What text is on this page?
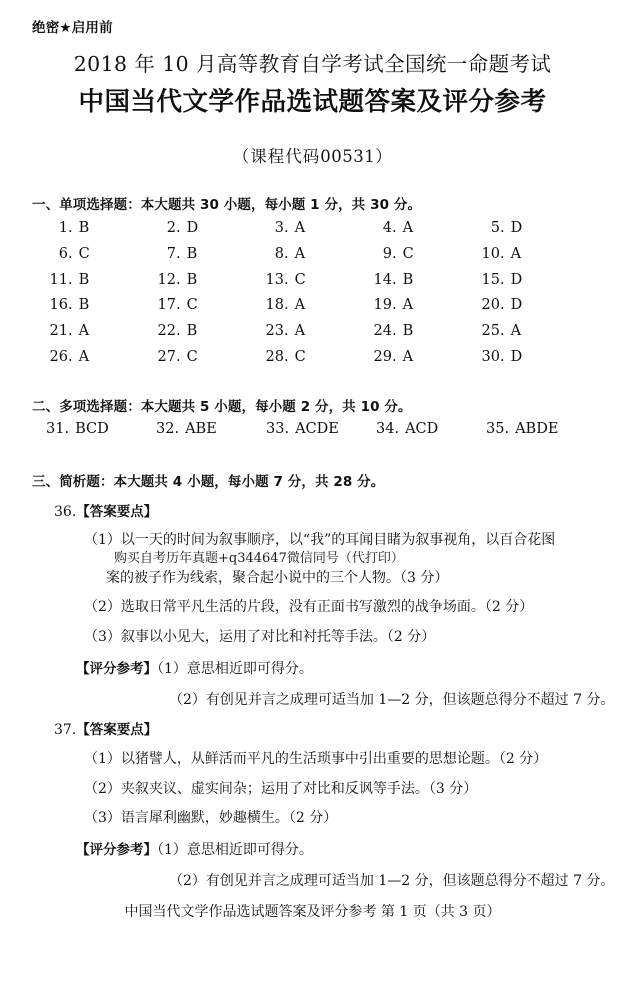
绝密★启用前
2018 年 10 月高等教育自学考试全国统一命题考试
中国当代文学作品选试题答案及评分参考
（课程代码00531）
一、单项选择题：本大题共 30 小题，每小题 1 分，共 30 分。
1. B	2. D	3. A	4. A	5. D
6. C	7. B	8. A	9. C	10. A
11. B	12. B	13. C	14. B	15. D
16. B	17. C	18. A	19. A	20. D
21. A	22. B	23. A	24. B	25. A
26. A	27. C	28. C	29. A	30. D
二、多项选择题：本大题共 5 小题，每小题 2 分，共 10 分。
31. BCD	32. ABE	33. ACDE	34. ACD	35. ABDE
三、简析题：本大题共 4 小题，每小题 7 分，共 28 分。
36.【答案要点】
（1）以一天的时间为叙事顺序，以“我”的耳闻目睹为叙事视角，以百合花图
购买自考历年真题+q344647微信同号（代打印）
案的被子作为线索，聚合起小说中的三个人物。（3 分）
（2）选取日常平凡生活的片段，没有正面书写激烈的战争场面。（2 分）
（3）叙事以小见大，运用了对比和衬托等手法。（2 分）
【评分参考】（1）意思相近即可得分。
（2）有创见并言之成理可适当加 1—2 分，但该题总得分不超过 7 分。
37.【答案要点】
（1）以猪譬人，从鲜活而平凡的生活琐事中引出重要的思想论题。（2 分）
（2）夹叙夹议、虚实间杂；运用了对比和反讽等手法。（3 分）
（3）语言犀利幽默，妙趣横生。（2 分）
【评分参考】（1）意思相近即可得分。
（2）有创见并言之成理可适当加 1—2 分，但该题总得分不超过 7 分。
中国当代文学作品选试题答案及评分参考 第 1 页（共 3 页）
